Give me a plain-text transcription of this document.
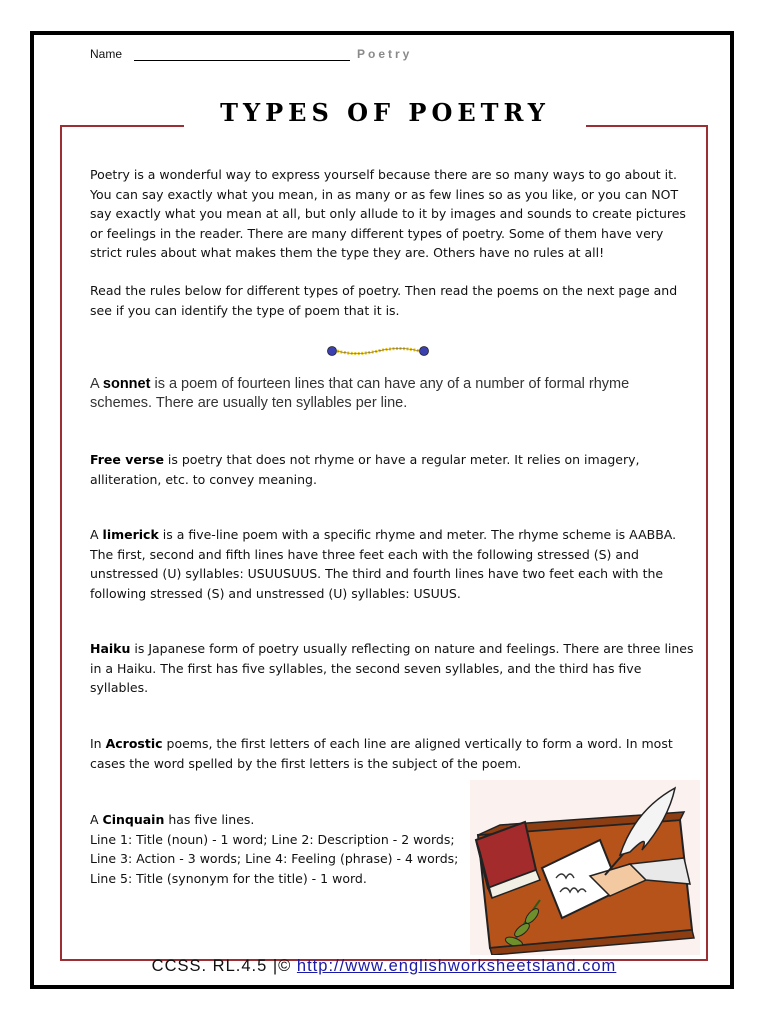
Name	Poetry
TYPES OF POETRY
Poetry is a wonderful way to express yourself because there are so many ways to go about it.
You can say exactly what you mean, in as many or as few lines so as you like, or you can NOT
say exactly what you mean at all, but only allude to it by images and sounds to create pictures
or feelings in the reader. There are many different types of poetry. Some of them have very
strict rules about what makes them the type they are. Others have no rules at all!
Read the rules below for different types of poetry. Then read the poems on the next page and
see if you can identify the type of poem that it is.
A sonnet is a poem of fourteen lines that can have any of a number of formal rhyme
schemes. There are usually ten syllables per line.
Free verse is poetry that does not rhyme or have a regular meter. It relies on imagery,
alliteration, etc. to convey meaning.
A limerick is a five-line poem with a specific rhyme and meter. The rhyme scheme is AABBA.
The first, second and fifth lines have three feet each with the following stressed (S) and
unstressed (U) syllables: USUUSUUS. The third and fourth lines have two feet each with the
following stressed (S) and unstressed (U) syllables: USUUS.
Haiku is Japanese form of poetry usually reflecting on nature and feelings. There are three lines
in a Haiku. The first has five syllables, the second seven syllables, and the third has five
syllables.
In Acrostic poems, the first letters of each line are aligned vertically to form a word. In most
cases the word spelled by the first letters is the subject of the poem.
A Cinquain has five lines.
Line 1: Title (noun) - 1 word; Line 2: Description - 2 words;
Line 3: Action - 3 words; Line 4: Feeling (phrase) - 4 words;
Line 5: Title (synonym for the title) - 1 word.
CCSS. RL.4.5 |© http://www.englishworksheetsland.com
